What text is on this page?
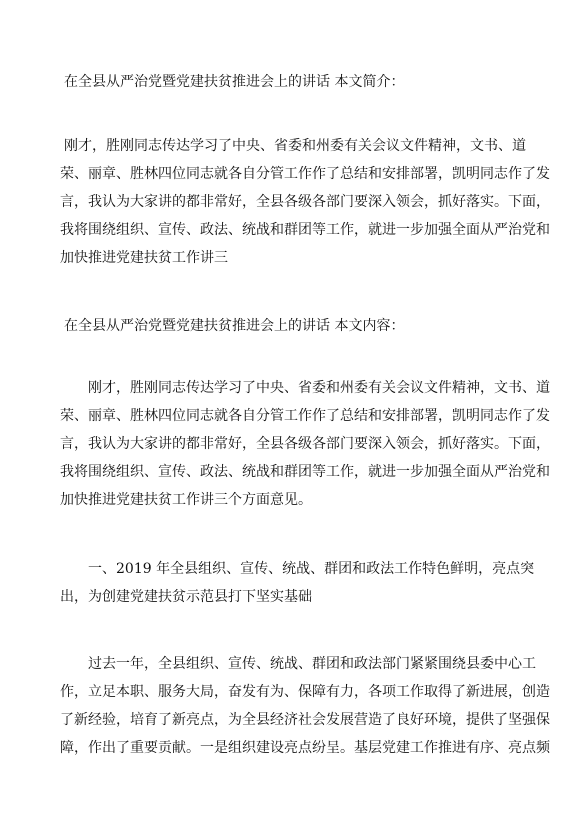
在全县从严治党暨党建扶贫推进会上的讲话 本文简介：

刚才，胜刚同志传达学习了中央、省委和州委有关会议文件精神，文书、道荣、丽章、胜林四位同志就各自分管工作作了总结和安排部署，凯明同志作了发言，我认为大家讲的都非常好，全县各级各部门要深入领会，抓好落实。下面，我将围绕组织、宣传、政法、统战和群团等工作，就进一步加强全面从严治党和加快推进党建扶贫工作讲三

在全县从严治党暨党建扶贫推进会上的讲话 本文内容：

刚才，胜刚同志传达学习了中央、省委和州委有关会议文件精神，文书、道荣、丽章、胜林四位同志就各自分管工作作了总结和安排部署，凯明同志作了发言，我认为大家讲的都非常好，全县各级各部门要深入领会，抓好落实。下面，我将围绕组织、宣传、政法、统战和群团等工作，就进一步加强全面从严治党和加快推进党建扶贫工作讲三个方面意见。

一、2019 年全县组织、宣传、统战、群团和政法工作特色鲜明，亮点突出，为创建党建扶贫示范县打下坚实基础

过去一年，全县组织、宣传、统战、群团和政法部门紧紧围绕县委中心工作，立足本职、服务大局，奋发有为、保障有力，各项工作取得了新进展，创造了新经验，培育了新亮点，为全县经济社会发展营造了良好环境，提供了坚强保障，作出了重要贡献。一是组织建设亮点纷呈。基层党建工作推进有序、亮点频
